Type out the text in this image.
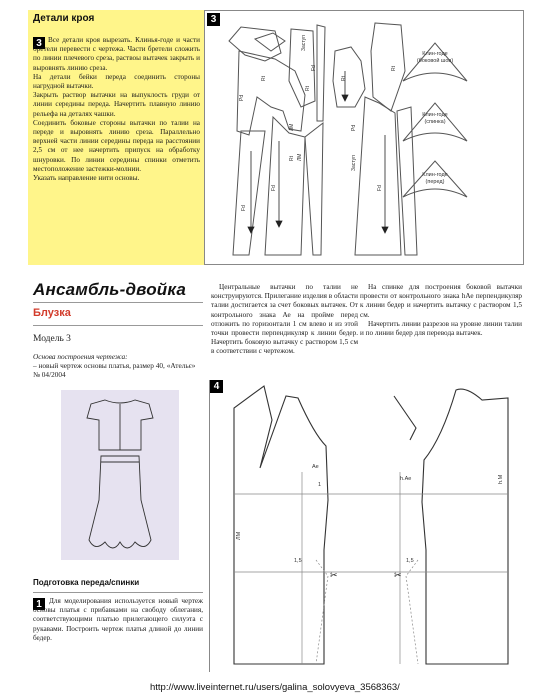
Детали кроя
3 Все детали кроя вырезать. Клинья-годе и части бретели перевести с чертежа. Части бретели сложить по линии плечевого среза, раствоы вытачек закрыть и выровнять линию среза.

На детали бейки переда соединить стороны нагрудной вытачки.

Закрыть раствор вытачки на выпуклость груди от линии середины переда. Начертить плавную линию рельефа на деталях чашки.

Соединить боковые стороны вытачки по талии на переде и выровнять линию среза. Параллельно верхней части линии середины переда на расстоянии 2,5 см от нее начертить припуск на обработку шнуровки. По линии середины спинки отметить местоположение застежки-молнии.

Указать направление нити основы.

3
Клин-годе
(боковой шов)
Клин-годе
(спинка)
Клин-годе
(перед)
Fd
Fd	Fd
Fd
Rt
Rt
Rt
Rt
Rt
Заступ
Заступ
ЛМ
ЛМ	Рd
Рd
Ансамбль-двойка
Блузка
Модель 3
Основа построения чертежа:
– новый чертеж основы платья, размер 40, «Ательє» № 04/2004
Подготовка переда/спинки
1	Для моделирования используется новый чертеж основы платья с прибавками на свободу облегания, соответствующими платью прилегающего силуэта с рукавами. Построить чертеж платья длиной до линии бедер.
Центральные вытачки по талии не конструируются. Прилегание изделия в области талии достигается за счет боковых вытачек. От контрольного знака Ае на проймe перед отложить по горизонтали 1 см влево и из этой точки провести перпендикуляр к линии бедер. Начертить боковую вытачку с раствором 1,5 см в соответствии с чертежом.

На спинке для построения боковой вытачки провести от контрольного знака hАе перпендикуляр к линии бедер и начертить вытачку с раствором 1,5 см.

Начертить линии разрезов на уровне линии талии и по линии бедер для перевода вытачек.

4
Ae
1
h.Ae
1,5	1,5
ЛМ
h.M
✂	✂
http://www.liveinternet.ru/users/galina_solovyeva_3568363/
